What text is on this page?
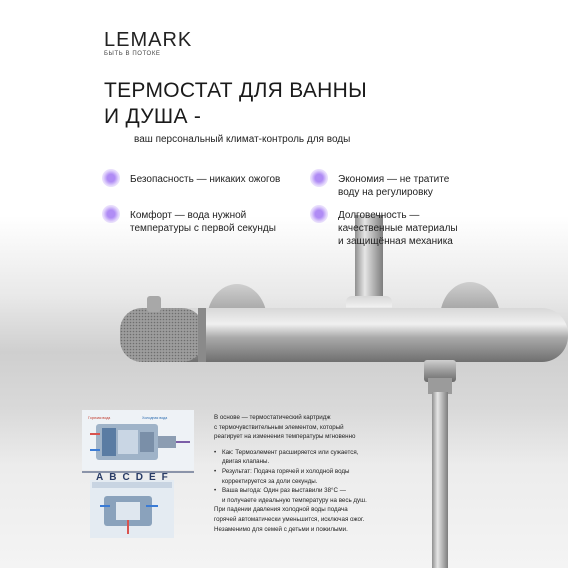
LEMARK
БЫТЬ В ПОТОКЕ
ТЕРМОСТАТ ДЛЯ ВАННЫ
И ДУША -
ваш персональный климат-контроль для воды
Безопасность — никаких ожогов	Экономия — не тратите
воду на регулировку
Комфорт — вода нужной
температуры с первой секунды
Долговечность —
качественные материалы
и защищённая механика
Горячая вода	Холодная вода
ABCDEF

В основе — термостатический картридж

с термочувствительным элементом, который

реагирует на изменения температуры мгновенно

• Как: Термоэлемент расширяется или сужается,

двигая клапаны.

• Результат: Подача горячей и холодной воды

корректируется за доли секунды.

• Ваша выгода: Один раз выставили 38°C —

и получаете идеальную температуру на весь душ.

При падении давления холодной воды подача

горячей автоматически уменьшится, исключая ожог.

Незаменимо для семей с детьми и пожилыми.
